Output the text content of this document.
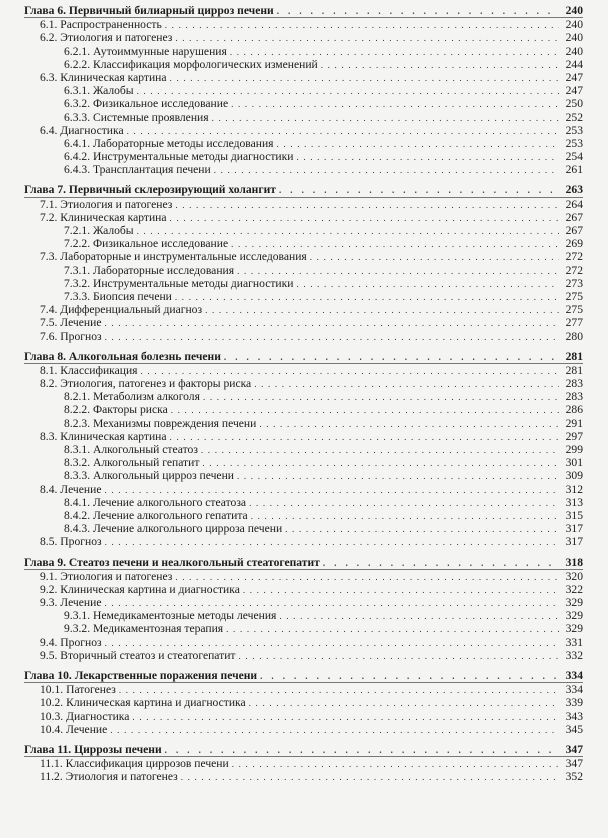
Глава 6. Первичный билиарный цирроз печени . . .	240
6.1. Распространенность . . .	240
6.2. Этиология и патогенез . . .	240
6.2.1. Аутоиммунные нарушения . . .	240
6.2.2. Классификация морфологических изменений . . .	244
6.3. Клиническая картина . . .	247
6.3.1. Жалобы . . .	247
6.3.2. Физикальное исследование . . .	250
6.3.3. Системные проявления . . .	252
6.4. Диагностика . . .	253
6.4.1. Лабораторные методы исследования . . .	253
6.4.2. Инструментальные методы диагностики . . .	254
6.4.3. Трансплантация печени . . .	261
Глава 7. Первичный склерозирующий холангит . . .	263
7.1. Этиология и патогенез . . .	264
7.2. Клиническая картина . . .	267
7.2.1. Жалобы . . .	267
7.2.2. Физикальное исследование . . .	269
7.3. Лабораторные и инструментальные исследования . . .	272
7.3.1. Лабораторные исследования . . .	272
7.3.2. Инструментальные методы диагностики . . .	273
7.3.3. Биопсия печени . . .	275
7.4. Дифференциальный диагноз . . .	275
7.5. Лечение . . .	277
7.6. Прогноз . . .	280
Глава 8. Алкогольная болезнь печени . . .	281
8.1. Классификация . . .	281
8.2. Этиология, патогенез и факторы риска . . .	283
8.2.1. Метаболизм алкоголя . . .	283
8.2.2. Факторы риска . . .	286
8.2.3. Механизмы повреждения печени . . .	291
8.3. Клиническая картина . . .	297
8.3.1. Алкогольный стеатоз . . .	299
8.3.2. Алкогольный гепатит . . .	301
8.3.3. Алкогольный цирроз печени . . .	309
8.4. Лечение . . .	312
8.4.1. Лечение алкогольного стеатоза . . .	313
8.4.2. Лечение алкогольного гепатита . . .	315
8.4.3. Лечение алкогольного цирроза печени . . .	317
8.5. Прогноз . . .	317
Глава 9. Стеатоз печени и неалкогольный стеатогепатит . . .	318
9.1. Этиология и патогенез . . .	320
9.2. Клиническая картина и диагностика . . .	322
9.3. Лечение . . .	329
9.3.1. Немедикаментозные методы лечения . . .	329
9.3.2. Медикаментозная терапия . . .	329
9.4. Прогноз . . .	331
9.5. Вторичный стеатоз и стеатогепатит . . .	332
Глава 10. Лекарственные поражения печени . . .	334
10.1. Патогенез . . .	334
10.2. Клиническая картина и диагностика . . .	339
10.3. Диагностика . . .	343
10.4. Лечение . . .	345
Глава 11. Циррозы печени . . .	347
11.1. Классификация циррозов печени . . .	347
11.2. Этиология и патогенез . . .	352
